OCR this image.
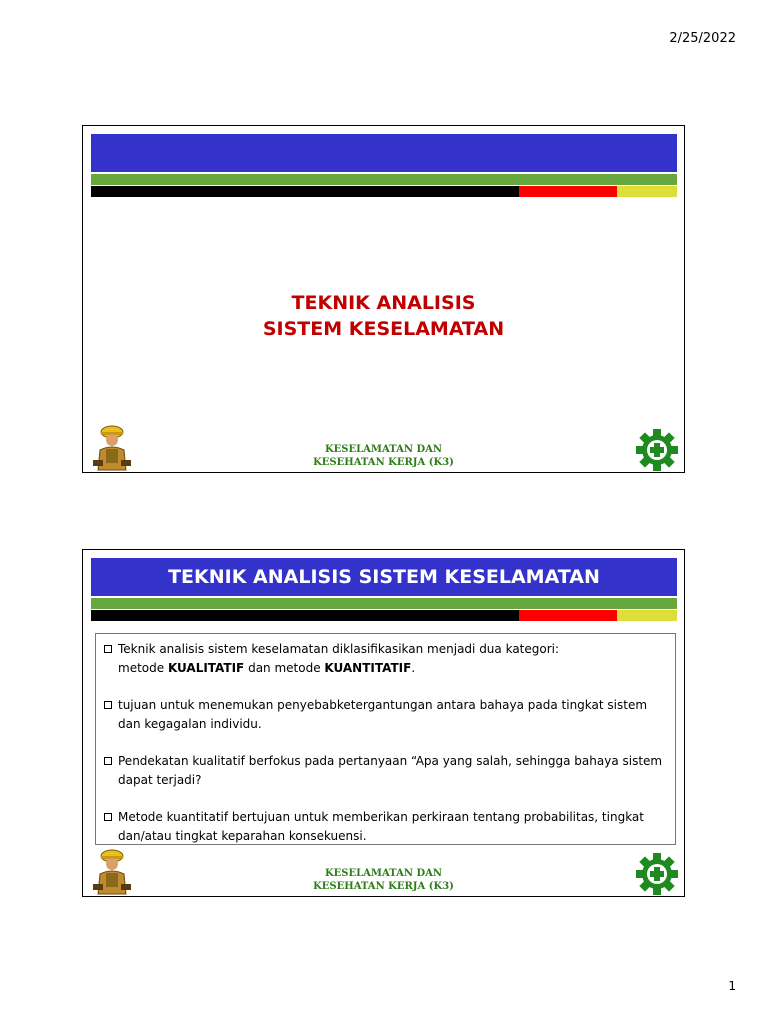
2/25/2022
TEKNIK ANALISIS
SISTEM KESELAMATAN
KESELAMATAN DAN
KESEHATAN KERJA (K3)
TEKNIK ANALISIS SISTEM KESELAMATAN
Teknik analisis sistem keselamatan diklasifikasikan menjadi dua kategori:
metode KUALITATIF dan metode KUANTITATIF.
tujuan untuk menemukan penyebabketergantungan antara bahaya pada tingkat sistem dan kegagalan individu.
Pendekatan kualitatif berfokus pada pertanyaan “Apa yang salah, sehingga bahaya sistem dapat terjadi?
Metode kuantitatif bertujuan untuk memberikan perkiraan tentang probabilitas, tingkat dan/atau tingkat keparahan konsekuensi.
KESELAMATAN DAN
KESEHATAN KERJA (K3)
1
